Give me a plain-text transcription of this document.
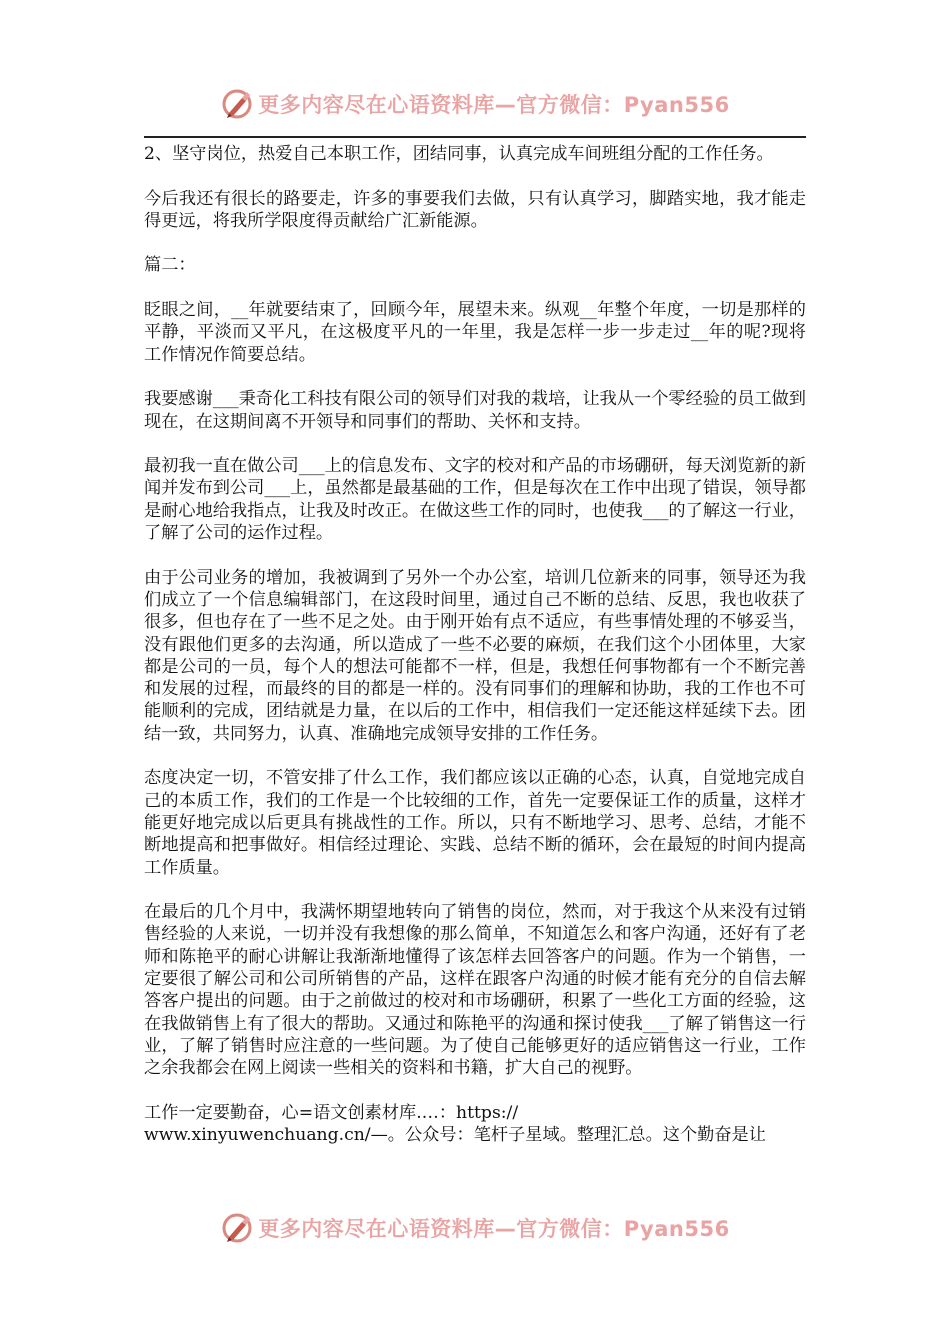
更多内容尽在心语资料库—官方微信：Pyan556

2、坚守岗位，热爱自己本职工作，团结同事，认真完成车间班组分配的工作任务。

今后我还有很长的路要走，许多的事要我们去做，只有认真学习，脚踏实地，我才能走得更远，将我所学限度得贡献给广汇新能源。

篇二：

眨眼之间，__年就要结束了，回顾今年，展望未来。纵观__年整个年度，一切是那样的平静，平淡而又平凡，在这极度平凡的一年里，我是怎样一步一步走过__年的呢?现将工作情况作简要总结。

我要感谢___秉奇化工科技有限公司的领导们对我的栽培，让我从一个零经验的员工做到现在，在这期间离不开领导和同事们的帮助、关怀和支持。

最初我一直在做公司___上的信息发布、文字的校对和产品的市场硼研，每天浏览新的新闻并发布到公司___上，虽然都是最基础的工作，但是每次在工作中出现了错误，领导都是耐心地给我指点，让我及时改正。在做这些工作的同时，也使我___的了解这一行业，了解了公司的运作过程。

由于公司业务的增加，我被调到了另外一个办公室，培训几位新来的同事，领导还为我们成立了一个信息编辑部门，在这段时间里，通过自己不断的总结、反思，我也收获了很多，但也存在了一些不足之处。由于刚开始有点不适应，有些事情处理的不够妥当，没有跟他们更多的去沟通，所以造成了一些不必要的麻烦，在我们这个小团体里，大家都是公司的一员，每个人的想法可能都不一样，但是，我想任何事物都有一个不断完善和发展的过程，而最终的目的都是一样的。没有同事们的理解和协助，我的工作也不可能顺利的完成，团结就是力量，在以后的工作中，相信我们一定还能这样延续下去。团结一致，共同努力，认真、准确地完成领导安排的工作任务。

态度决定一切，不管安排了什么工作，我们都应该以正确的心态，认真，自觉地完成自己的本质工作，我们的工作是一个比较细的工作，首先一定要保证工作的质量，这样才能更好地完成以后更具有挑战性的工作。所以，只有不断地学习、思考、总结，才能不断地提高和把事做好。相信经过理论、实践、总结不断的循环，会在最短的时间内提高工作质量。

在最后的几个月中，我满怀期望地转向了销售的岗位，然而，对于我这个从来没有过销售经验的人来说，一切并没有我想像的那么简单，不知道怎么和客户沟通，还好有了老师和陈艳平的耐心讲解让我渐渐地懂得了该怎样去回答客户的问题。作为一个销售，一定要很了解公司和公司所销售的产品，这样在跟客户沟通的时候才能有充分的自信去解答客户提出的问题。由于之前做过的校对和市场硼研，积累了一些化工方面的经验，这在我做销售上有了很大的帮助。又通过和陈艳平的沟通和探讨使我___了解了销售这一行业，了解了销售时应注意的一些问题。为了使自己能够更好的适应销售这一行业，工作之余我都会在网上阅读一些相关的资料和书籍，扩大自己的视野。

工作一定要勤奋，心=语文创素材库.…：https://
www.xinyuwenchuang.cn/—。公众号：笔杆子星域。整理汇总。这个勤奋是让

更多内容尽在心语资料库—官方微信：Pyan556
